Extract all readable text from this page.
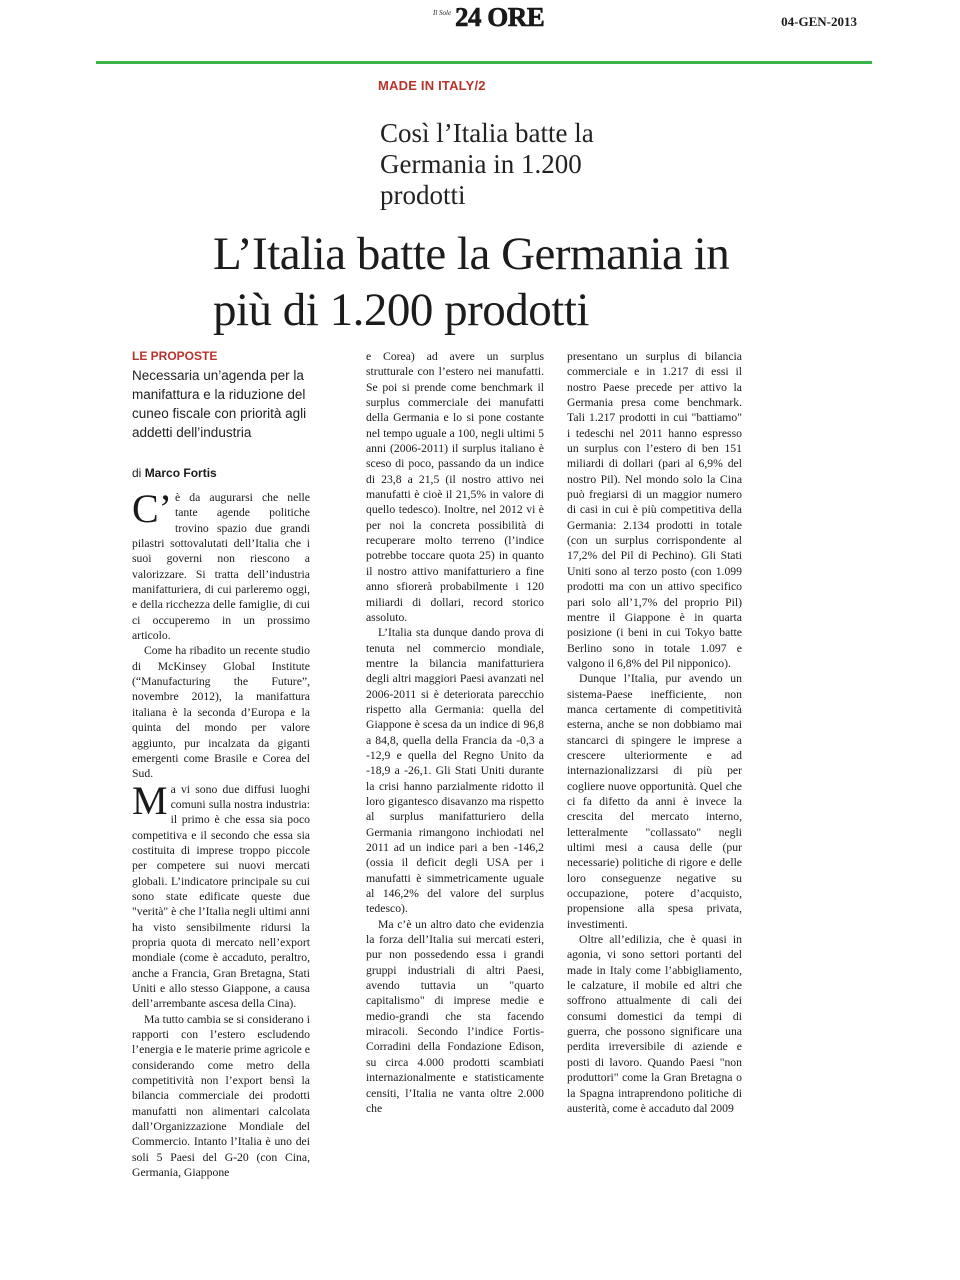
Il Sole 24 ORE	04-GEN-2013
MADE IN ITALY/2
Così l’Italia batte la Germania in 1.200 prodotti
L’Italia batte la Germania in più di 1.200 prodotti
LE PROPOSTE
Necessaria un’agenda per la manifattura e la riduzione del cuneo fiscale con priorità agli addetti dell’industria
di Marco Fortis

C’ è da augurarsi che nelle tante agende politiche trovino spazio due grandi pilastri sottovalutati dell’Italia che i suoi governi non riescono a valorizzare. Si tratta dell’industria manifatturiera, di cui parleremo oggi, e della ricchezza delle famiglie, di cui ci occuperemo in un prossimo articolo.

Come ha ribadito un recente studio di McKinsey Global Institute (“Manufacturing the Future”, novembre 2012), la manifattura italiana è la seconda d’Europa e la quinta del mondo per valore aggiunto, pur incalzata da giganti emergenti come Brasile e Corea del Sud.

Ma vi sono due diffusi luoghi comuni sulla nostra industria: il primo è che essa sia poco competitiva e il secondo che essa sia costituita di imprese troppo piccole per competere sui nuovi mercati globali. L’indicatore principale su cui sono state edificate queste due "verità" è che l’Italia negli ultimi anni ha visto sensibilmente ridursi la propria quota di mercato nell’export mondiale (come è accaduto, peraltro, anche a Francia, Gran Bretagna, Stati Uniti e allo stesso Giappone, a causa dell’arrembante ascesa della Cina).

Ma tutto cambia se si considerano i rapporti con l’estero escludendo l’energia e le materie prime agricole e considerando come metro della competitività non l’export bensì la bilancia commerciale dei prodotti manufatti non alimentari calcolata dall’Organizzazione Mondiale del Commercio. Intanto l’Italia è uno dei soli 5 Paesi del G-20 (con Cina, Germania, Giappone

e Corea) ad avere un surplus strutturale con l’estero nei manufatti. Se poi si prende come benchmark il surplus commerciale dei manufatti della Germania e lo si pone costante nel tempo uguale a 100, negli ultimi 5 anni (2006-2011) il surplus italiano è sceso di poco, passando da un indice di 23,8 a 21,5 (il nostro attivo nei manufatti è cioè il 21,5% in valore di quello tedesco). Inoltre, nel 2012 vi è per noi la concreta possibilità di recuperare molto terreno (l’indice potrebbe toccare quota 25) in quanto il nostro attivo manifatturiero a fine anno sfiorerà probabilmente i 120 miliardi di dollari, record storico assoluto.

L’Italia sta dunque dando prova di tenuta nel commercio mondiale, mentre la bilancia manifatturiera degli altri maggiori Paesi avanzati nel 2006-2011 si è deteriorata parecchio rispetto alla Germania: quella del Giappone è scesa da un indice di 96,8 a 84,8, quella della Francia da -0,3 a -12,9 e quella del Regno Unito da -18,9 a -26,1. Gli Stati Uniti durante la crisi hanno parzialmente ridotto il loro gigantesco disavanzo ma rispetto al surplus manifatturiero della Germania rimangono inchiodati nel 2011 ad un indice pari a ben -146,2 (ossia il deficit degli USA per i manufatti è simmetricamente uguale al 146,2% del valore del surplus tedesco).

Ma c’è un altro dato che evidenzia la forza dell’Italia sui mercati esteri, pur non possedendo essa i grandi gruppi industriali di altri Paesi, avendo tuttavia un "quarto capitalismo" di imprese medie e medio-grandi che sta facendo miracoli. Secondo l’indice Fortis-Corradini della Fondazione Edison, su circa 4.000 prodotti scambiati internazionalmente e statisticamente censiti, l’Italia ne vanta oltre 2.000 che

presentano un surplus di bilancia commerciale e in 1.217 di essi il nostro Paese precede per attivo la Germania presa come benchmark. Tali 1.217 prodotti in cui "battiamo" i tedeschi nel 2011 hanno espresso un surplus con l’estero di ben 151 miliardi di dollari (pari al 6,9% del nostro Pil). Nel mondo solo la Cina può fregiarsi di un maggior numero di casi in cui è più competitiva della Germania: 2.134 prodotti in totale (con un surplus corrispondente al 17,2% del Pil di Pechino). Gli Stati Uniti sono al terzo posto (con 1.099 prodotti ma con un attivo specifico pari solo all’1,7% del proprio Pil) mentre il Giappone è in quarta posizione (i beni in cui Tokyo batte Berlino sono in totale 1.097 e valgono il 6,8% del Pil nipponico).

Dunque l’Italia, pur avendo un sistema-Paese inefficiente, non manca certamente di competitività esterna, anche se non dobbiamo mai stancarci di spingere le imprese a crescere ulteriormente e ad internazionalizzarsi di più per cogliere nuove opportunità. Quel che ci fa difetto da anni è invece la crescita del mercato interno, letteralmente "collassato" negli ultimi mesi a causa delle (pur necessarie) politiche di rigore e delle loro conseguenze negative su occupazione, potere d’acquisto, propensione alla spesa privata, investimenti.

Oltre all’edilizia, che è quasi in agonia, vi sono settori portanti del made in Italy come l’abbigliamento, le calzature, il mobile ed altri che soffrono attualmente di cali dei consumi domestici da tempi di guerra, che possono significare una perdita irreversibile di aziende e posti di lavoro. Quando Paesi "non produttori" come la Gran Bretagna o la Spagna intraprendono politiche di austerità, come è accaduto dal 2009
